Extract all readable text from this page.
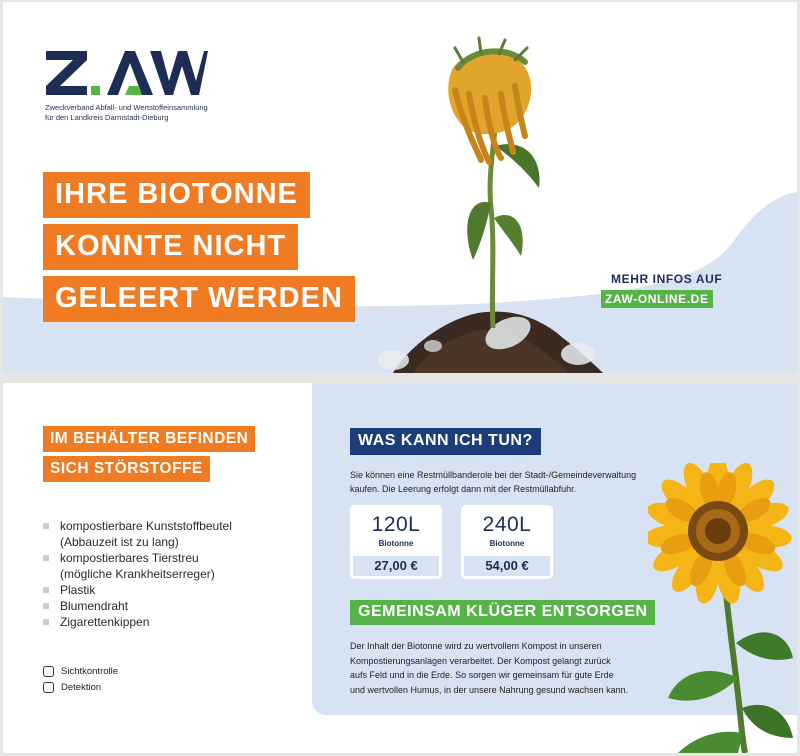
Zweckverband Abfall- und Wertstoffeinsammlung
für den Landkreis Darmstadt-Dieburg
IHRE BIOTONNE
KONNTE NICHT
GELEERT WERDEN
MEHR INFOS AUF
ZAW-ONLINE.DE
IM BEHÄLTER BEFINDEN
SICH STÖRSTOFFE
kompostierbare Kunststoffbeutel
(Abbauzeit ist zu lang)
kompostierbares Tierstreu
(mögliche Krankheitserreger)
Plastik
Blumendraht
Zigarettenkippen
Sichtkontrolle
Detektion
WAS KANN ICH TUN?
Sie können eine Restmüllbanderole bei der Stadt-/Gemeindeverwaltung
kaufen. Die Leerung erfolgt dann mit der Restmüllabfuhr.
120L
Biotonne
27,00 €
240L
Biotonne
54,00 €
GEMEINSAM KLÜGER ENTSORGEN
Der Inhalt der Biotonne wird zu wertvollem Kompost in unseren
Kompostierungsanlagen verarbeitet. Der Kompost gelangt zurück
aufs Feld und in die Erde. So sorgen wir gemeinsam für gute Erde
und wertvollen Humus, in der unsere Nahrung gesund wachsen kann.
